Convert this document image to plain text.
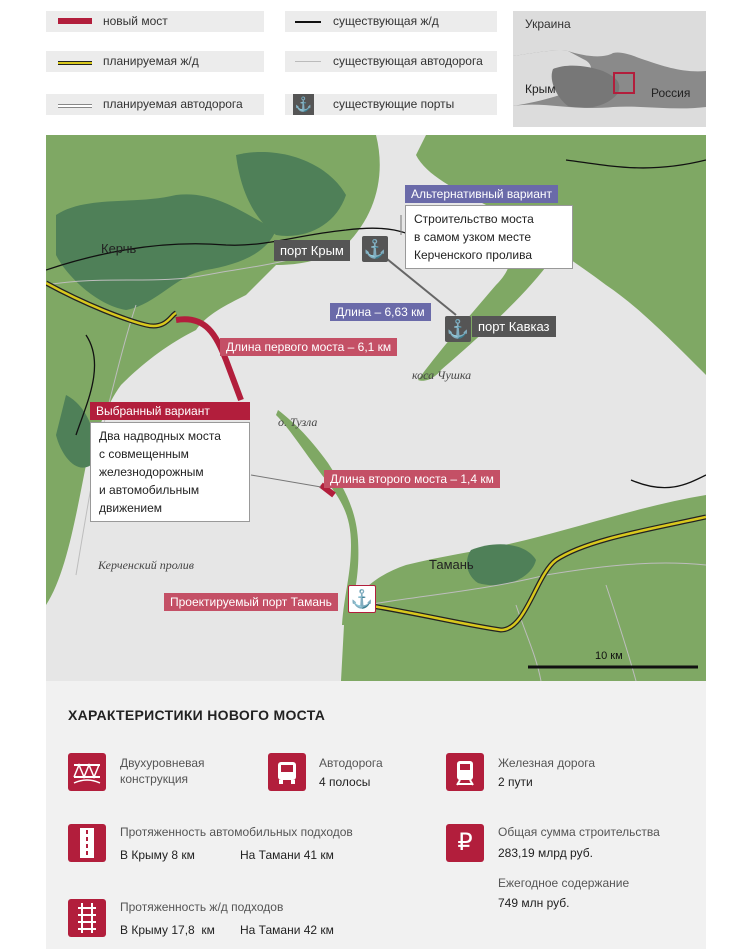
новый мост	существующая ж/д
планируемая ж/д	существующая автодорога
планируемая автодорога	⚓ существующие порты
Украина
Крым	Россия
Керчь
Тамань
о. Тузла
коса Чушка
Керченский пролив
порт Крым	⚓
⚓ порт Кавказ
Альтернативный вариант
Строительство моста
в самом узком месте
Керченского пролива
Длина – 6,63 км
Длина первого моста – 6,1 км
Длина второго моста – 1,4 км
Выбранный вариант
Два надводных моста
с совмещенным
железнодорожным
и автомобильным
движением
Проектируемый порт Тамань	⚓
10 км
ХАРАКТЕРИСТИКИ НОВОГО МОСТА
Двухуровневая
конструкция
Автодорога
4 полосы
Железная дорога
2 пути
Протяженность автомобильных подходов
В Крыму 8 км	На Тамани 41 км	₽	Общая сумма строительства
283,19 млрд руб.
Ежегодное содержание
749 млн руб.
Протяженность ж/д подходов
В Крыму 17,8  км На Тамани 42 км
